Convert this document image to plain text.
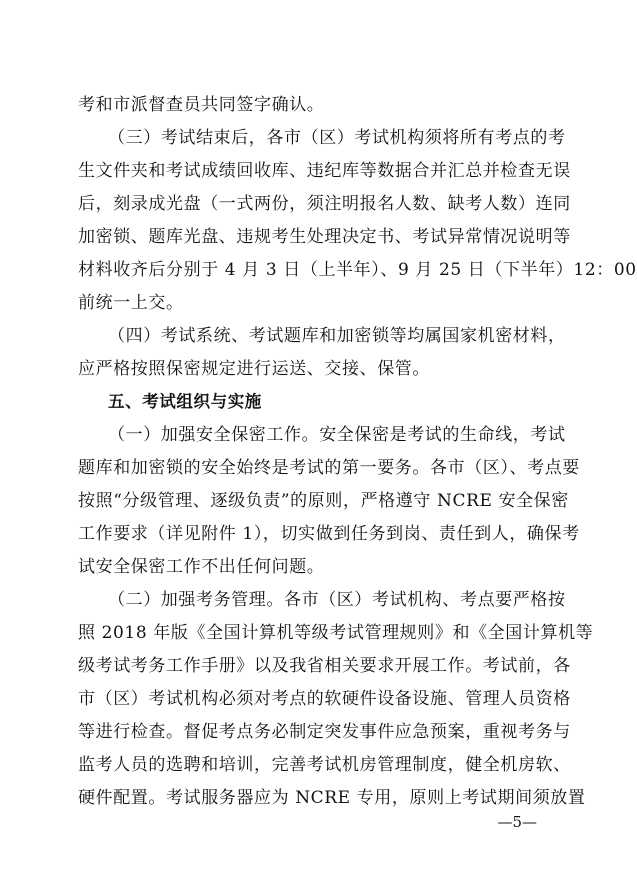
考和市派督查员共同签字确认。
（三）考试结束后，各市（区）考试机构须将所有考点的考
生文件夹和考试成绩回收库、违纪库等数据合并汇总并检查无误
后，刻录成光盘（一式两份，须注明报名人数、缺考人数）连同
加密锁、题库光盘、违规考生处理决定书、考试异常情况说明等
材料收齐后分别于 4 月 3 日（上半年）、9 月 25 日（下半年）12：00
前统一上交。
（四）考试系统、考试题库和加密锁等均属国家机密材料，
应严格按照保密规定进行运送、交接、保管。
五、考试组织与实施
（一）加强安全保密工作。安全保密是考试的生命线，考试
题库和加密锁的安全始终是考试的第一要务。各市（区）、考点要
按照“分级管理、逐级负责”的原则，严格遵守 NCRE 安全保密
工作要求（详见附件 1），切实做到任务到岗、责任到人，确保考
试安全保密工作不出任何问题。
（二）加强考务管理。各市（区）考试机构、考点要严格按
照 2018 年版《全国计算机等级考试管理规则》和《全国计算机等
级考试考务工作手册》以及我省相关要求开展工作。考试前，各
市（区）考试机构必须对考点的软硬件设备设施、管理人员资格
等进行检查。督促考点务必制定突发事件应急预案，重视考务与
监考人员的选聘和培训，完善考试机房管理制度，健全机房软、
硬件配置。考试服务器应为 NCRE 专用，原则上考试期间须放置
—5—
